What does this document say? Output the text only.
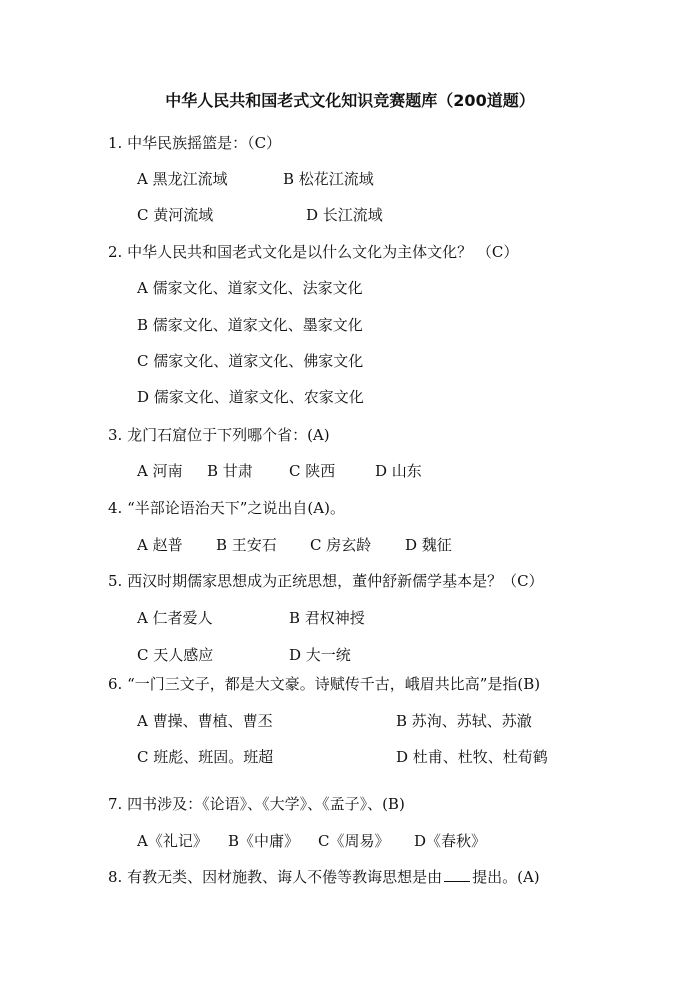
中华人民共和国老式文化知识竞赛题库（200道题）
1. 中华民族摇篮是：（C）
A 黑龙江流域	B 松花江流域
C 黄河流域	D 长江流域
2. 中华人民共和国老式文化是以什么文化为主体文化？ （C）
A 儒家文化、道家文化、法家文化
B 儒家文化、道家文化、墨家文化
C 儒家文化、道家文化、佛家文化
D 儒家文化、道家文化、农家文化
3. 龙门石窟位于下列哪个省：(A)
A 河南 B 甘肃 C 陕西	D 山东
4. “半部论语治天下”之说出自(A)。
A 赵普 B 王安石 C 房玄龄 D 魏征
5. 西汉时期儒家思想成为正统思想，董仲舒新儒学基本是？（C）
A 仁者爱人	B 君权神授
C 天人感应	D 大一统
6. “一门三文子，都是大文豪。诗赋传千古，峨眉共比高”是指(B)
A 曹操、曹植、曹丕	B 苏洵、苏轼、苏澈
C 班彪、班固。班超	D 杜甫、杜牧、杜荀鹤
7. 四书涉及：《论语》、《大学》、《孟子》、(B)
A《礼记》 B《中庸》 C《周易》 D《春秋》
8. 有教无类、因材施教、诲人不倦等教诲思想是由 提出。(A)
